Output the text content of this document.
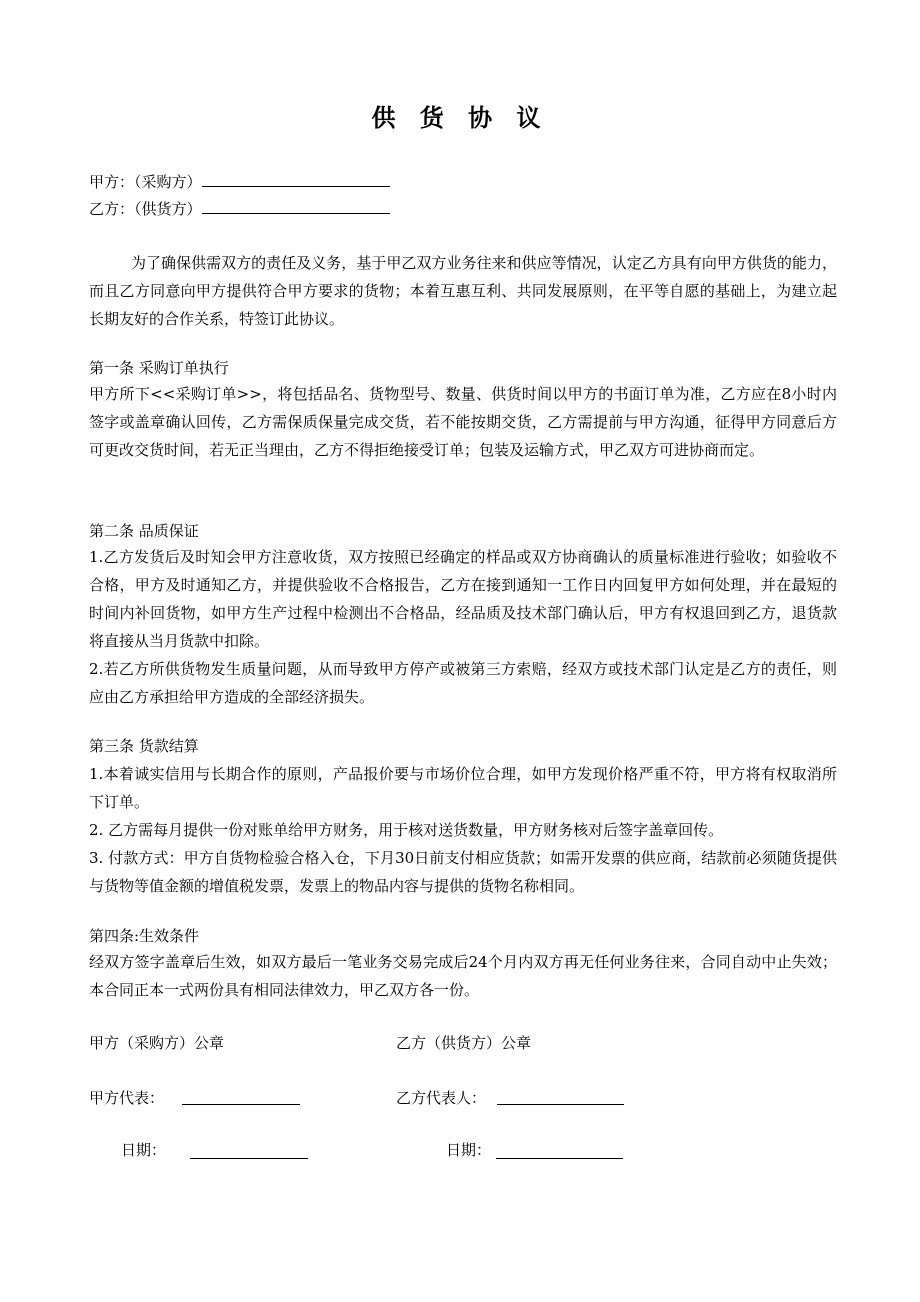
供 货 协 议
甲方：（采购方）
乙方：（供货方）

为了确保供需双方的责任及义务，基于甲乙双方业务往来和供应等情况，认定乙方具有向甲方供货的能力，而且乙方同意向甲方提供符合甲方要求的货物；本着互惠互利、共同发展原则，在平等自愿的基础上，为建立起长期友好的合作关系，特签订此协议。

第一条 采购订单执行

甲方所下<<采购订单>>，将包括品名、货物型号、数量、供货时间以甲方的书面订单为准，乙方应在8小时内签字或盖章确认回传，乙方需保质保量完成交货，若不能按期交货，乙方需提前与甲方沟通，征得甲方同意后方可更改交货时间，若无正当理由，乙方不得拒绝接受订单；包装及运输方式，甲乙双方可进协商而定。

第二条 品质保证

1.乙方发货后及时知会甲方注意收货，双方按照已经确定的样品或双方协商确认的质量标准进行验收；如验收不合格，甲方及时通知乙方，并提供验收不合格报告，乙方在接到通知一工作日内回复甲方如何处理，并在最短的时间内补回货物，如甲方生产过程中检测出不合格品，经品质及技术部门确认后，甲方有权退回到乙方，退货款将直接从当月货款中扣除。

2.若乙方所供货物发生质量问题，从而导致甲方停产或被第三方索赔，经双方或技术部门认定是乙方的责任，则应由乙方承担给甲方造成的全部经济损失。

第三条 货款结算

1.本着诚实信用与长期合作的原则，产品报价要与市场价位合理，如甲方发现价格严重不符，甲方将有权取消所下订单。

2. 乙方需每月提供一份对账单给甲方财务，用于核对送货数量，甲方财务核对后签字盖章回传。

3. 付款方式：甲方自货物检验合格入仓，下月30日前支付相应货款；如需开发票的供应商，结款前必须随货提供与货物等值金额的增值税发票，发票上的物品内容与提供的货物名称相同。

第四条:生效条件

经双方签字盖章后生效，如双方最后一笔业务交易完成后24个月内双方再无任何业务往来，合同自动中止失效；本合同正本一式两份具有相同法律效力，甲乙双方各一份。

甲方（采购方）公章	乙方（供货方）公章
甲方代表：	乙方代表人：
日期：	日期：
